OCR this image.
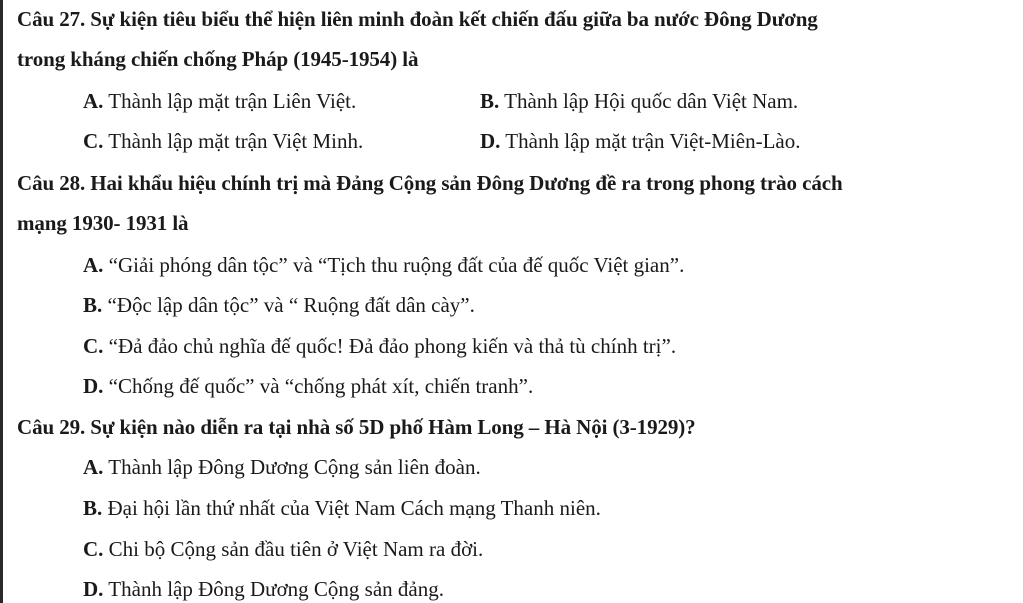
Câu 27. Sự kiện tiêu biểu thể hiện liên minh đoàn kết chiến đấu giữa ba nước Đông Dương
trong kháng chiến chống Pháp (1945-1954) là
A. Thành lập mặt trận Liên Việt.	B. Thành lập Hội quốc dân Việt Nam.
C. Thành lập mặt trận Việt Minh.	D. Thành lập mặt trận Việt-Miên-Lào.
Câu 28. Hai khẩu hiệu chính trị mà Đảng Cộng sản Đông Dương đề ra trong phong trào cách
mạng 1930- 1931 là
A. “Giải phóng dân tộc” và “Tịch thu ruộng đất của đế quốc Việt gian”.
B. “Độc lập dân tộc” và “ Ruộng đất dân cày”.
C. “Đả đảo chủ nghĩa đế quốc! Đả đảo phong kiến và thả tù chính trị”.
D. “Chống đế quốc” và “chống phát xít, chiến tranh”.
Câu 29. Sự kiện nào diễn ra tại nhà số 5D phố Hàm Long – Hà Nội (3-1929)?
A. Thành lập Đông Dương Cộng sản liên đoàn.
B. Đại hội lần thứ nhất của Việt Nam Cách mạng Thanh niên.
C. Chi bộ Cộng sản đầu tiên ở Việt Nam ra đời.
D. Thành lập Đông Dương Cộng sản đảng.
